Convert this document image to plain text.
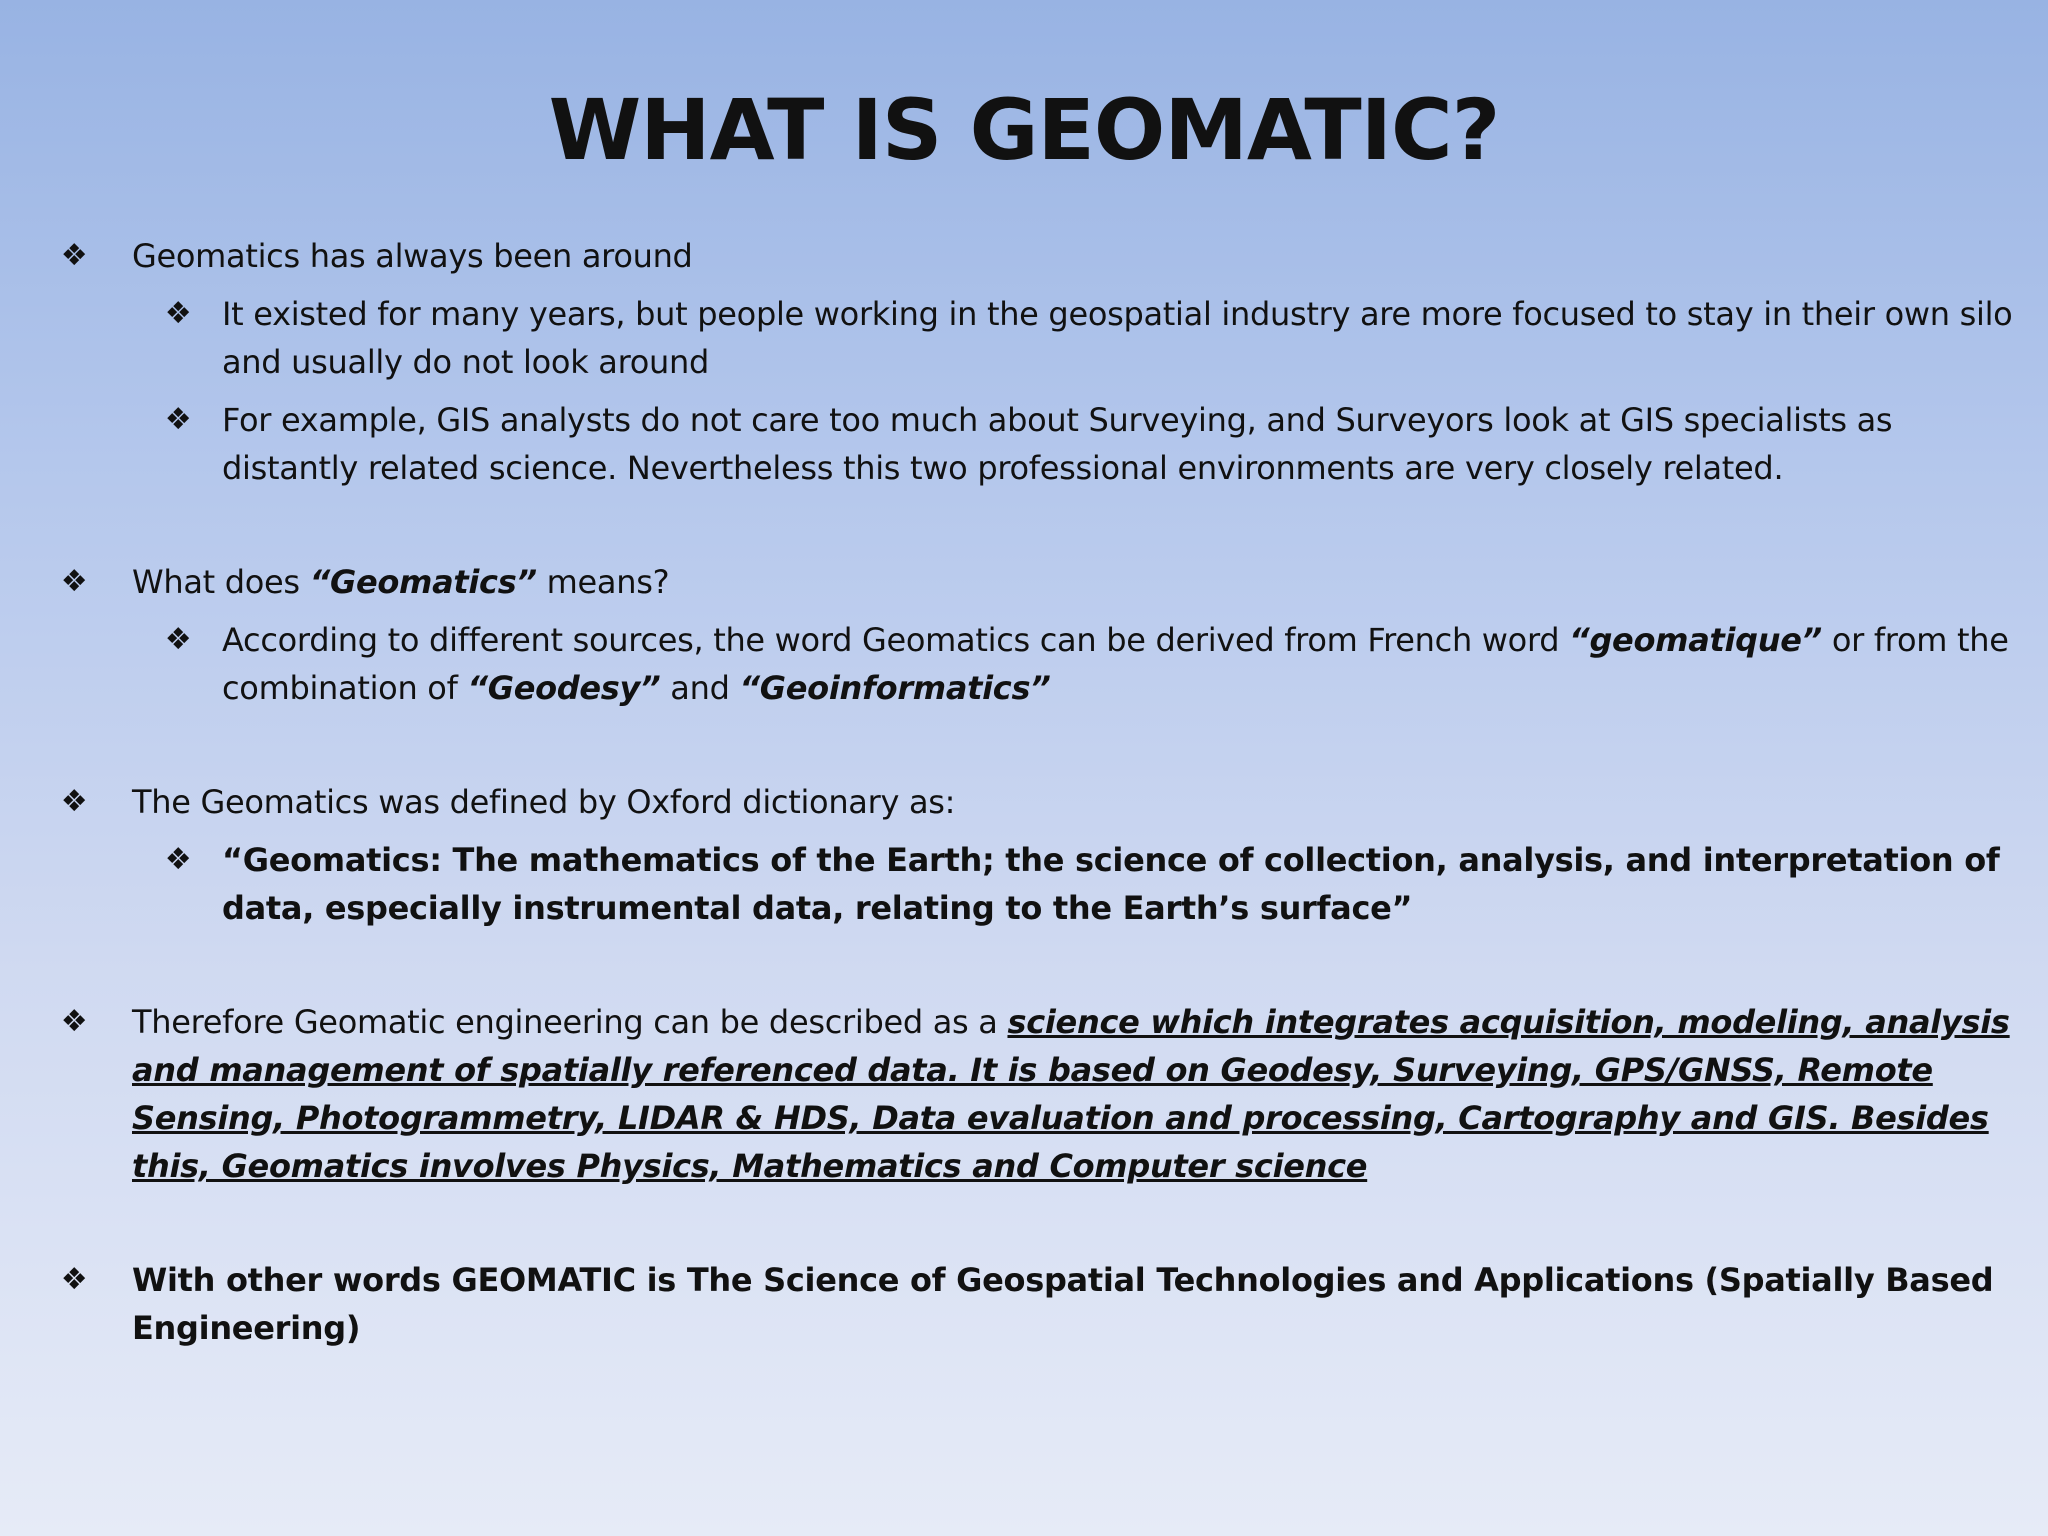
WHAT IS GEOMATIC?
❖ Geomatics has always been around
❖ It existed for many years, but people working in the geospatial industry are more focused to stay in their own silo and usually do not look around
❖ For example, GIS analysts do not care too much about Surveying, and Surveyors look at GIS specialists as distantly related science. Nevertheless this two professional environments are very closely related.
❖ What does “Geomatics” means?
❖ According to different sources, the word Geomatics can be derived from French word “geomatique” or from the combination of “Geodesy” and “Geoinformatics”
❖ The Geomatics was defined by Oxford dictionary as:
❖ “Geomatics: The mathematics of the Earth; the science of collection, analysis, and interpretation of data, especially instrumental data, relating to the Earth’s surface”
❖ Therefore Geomatic engineering can be described as a science which integrates acquisition, modeling, analysis and management of spatially referenced data. It is based on Geodesy, Surveying, GPS/GNSS, Remote Sensing, Photogrammetry, LIDAR & HDS, Data evaluation and processing, Cartography and GIS. Besides this, Geomatics involves Physics, Mathematics and Computer science
❖ With other words GEOMATIC is The Science of Geospatial Technologies and Applications (Spatially Based Engineering)
